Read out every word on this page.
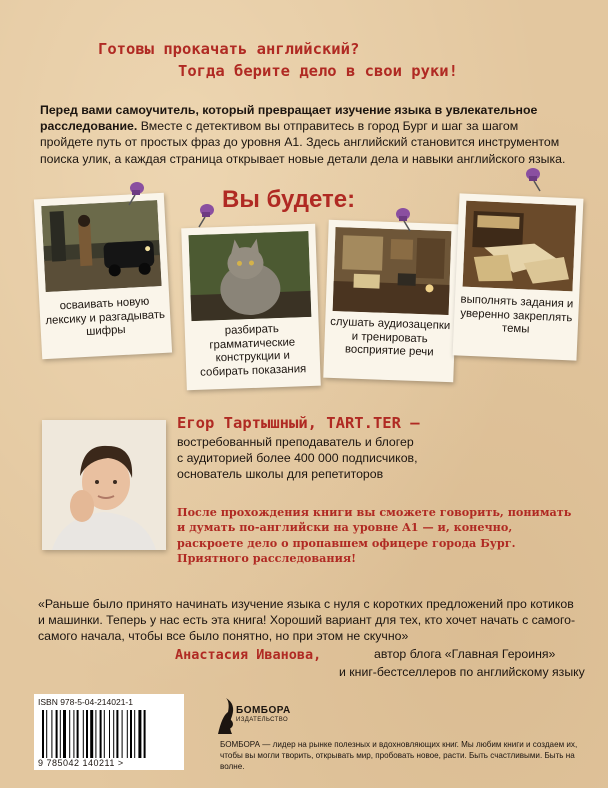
Готовы прокачать английский?
Тогда берите дело в свои руки!

Перед вами самоучитель, который превращает изучение языка в увлекательное расследование. Вместе с детективом вы отправитесь в город Бург и шаг за шагом пройдете путь от простых фраз до уровня A1. Здесь английский становится инструментом поиска улик, а каждая страница открывает новые детали дела и навыки английского языка.

Вы будете:
осваивать новую лексику и разгадывать шифры	разбирать грамматические конструкции и собирать показания
слушать аудиозацепки и тренировать восприятие речи
выполнять задания и уверенно закреплять темы
Егор Тартышный, TART.TER —
востребованный преподаватель и блогер
с аудиторией более 400 000 подписчиков,
основатель школы для репетиторов

После прохождения книги вы сможете говорить, понимать и думать по-английски на уровне A1 — и, конечно, раскроете дело о пропавшем офицере города Бург. Приятного расследования!

«Раньше было принято начинать изучение языка с нуля с коротких предложений про котиков и машинки. Теперь у нас есть эта книга! Хороший вариант для тех, кто хочет начать с самого-самого начала, чтобы все было понятно, но при этом не скучно»

Анастасия Иванова,	автор блога «Главная Героиня»
и книг-бестселлеров по английскому языку
ISBN 978-5-04-214021-1
9 785042 140211 >
БОМБОРА
ИЗДАТЕЛЬСТВО

БОМБОРА — лидер на рынке полезных и вдохновляющих книг. Мы любим книги и создаем их, чтобы вы могли творить, открывать мир, пробовать новое, расти. Быть счастливыми. Быть на волне.
